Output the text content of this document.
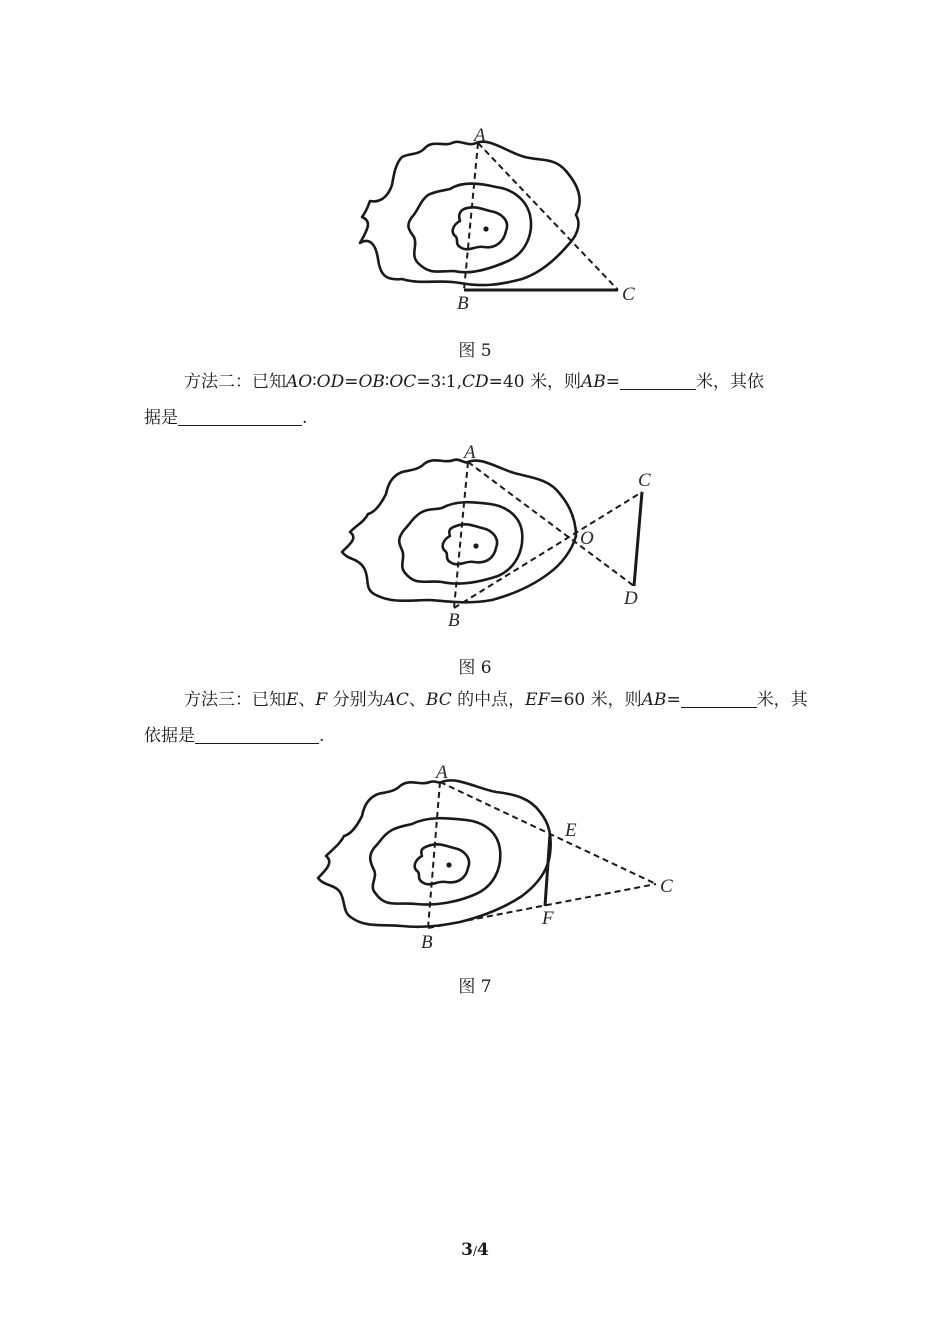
A
B	C
图 5
方法二：已知AO∶OD=OB∶OC=3∶1,CD=40 米，则AB=	米，其依
据是	.
A
B
C
D
O
图 6
方法三：已知E、F 分别为AC、BC 的中点，EF=60 米，则AB=	米，其
依据是	.
A
B
C
E
F
图 7
3/4
